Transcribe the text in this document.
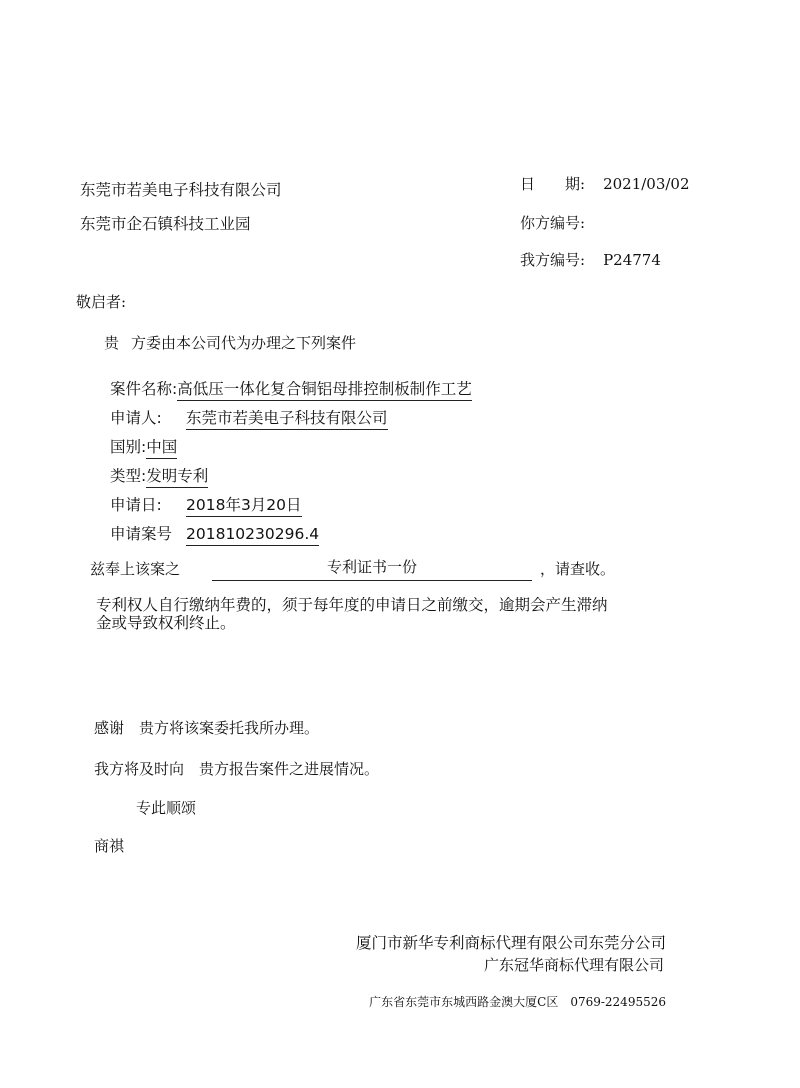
东莞市若美电子科技有限公司
东莞市企石镇科技工业园
日　　期: 2021/03/02
你方编号:
我方编号: P24774
敬启者:
贵 方委由本公司代为办理之下列案件
案件名称:高低压一体化复合铜铝母排控制板制作工艺
申请人: 东莞市若美电子科技有限公司
国别:中国
类型:发明专利
申请日: 2018年3月20日
申请案号 201810230296.4
兹奉上该案之	专利证书一份	，请查收。
专利权人自行缴纳年费的，须于每年度的申请日之前缴交，逾期会产生滞纳
金或导致权利终止。
感谢　贵方将该案委托我所办理。
我方将及时向　贵方报告案件之进展情况。
专此顺颂
商祺
厦门市新华专利商标代理有限公司东莞分公司
广东冠华商标代理有限公司
广东省东莞市东城西路金澳大厦C区　0769-22495526
